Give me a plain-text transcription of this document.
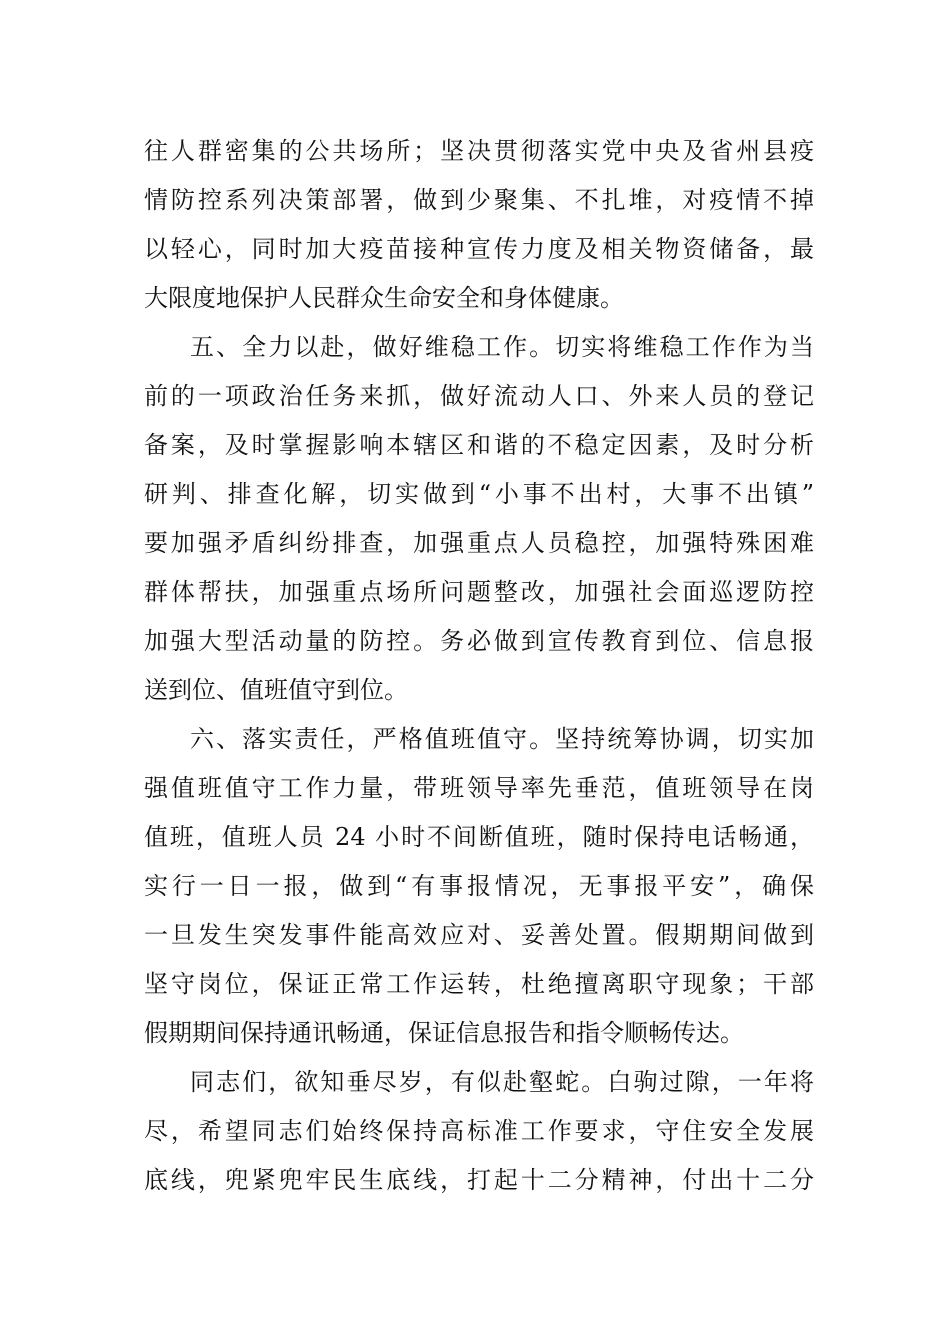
往人群密集的公共场所；坚决贯彻落实党中央及省州县疫
情防控系列决策部署，做到少聚集、不扎堆，对疫情不掉
以轻心，同时加大疫苗接种宣传力度及相关物资储备，最
大限度地保护人民群众生命安全和身体健康。
五、全力以赴，做好维稳工作。切实将维稳工作作为当
前的一项政治任务来抓，做好流动人口、外来人员的登记
备案，及时掌握影响本辖区和谐的不稳定因素，及时分析
研判、排查化解，切实做到“小事不出村，大事不出镇”
要加强矛盾纠纷排查，加强重点人员稳控，加强特殊困难
群体帮扶，加强重点场所问题整改，加强社会面巡逻防控
加强大型活动量的防控。务必做到宣传教育到位、信息报
送到位、值班值守到位。
六、落实责任，严格值班值守。坚持统筹协调，切实加
强值班值守工作力量，带班领导率先垂范，值班领导在岗
值班，值班人员 24 小时不间断值班，随时保持电话畅通，
实行一日一报，做到“有事报情况，无事报平安”，确保
一旦发生突发事件能高效应对、妥善处置。假期期间做到
坚守岗位，保证正常工作运转，杜绝擅离职守现象；干部
假期期间保持通讯畅通，保证信息报告和指令顺畅传达。
同志们，欲知垂尽岁，有似赴壑蛇。白驹过隙，一年将
尽，希望同志们始终保持高标准工作要求，守住安全发展
底线，兜紧兜牢民生底线，打起十二分精神，付出十二分
